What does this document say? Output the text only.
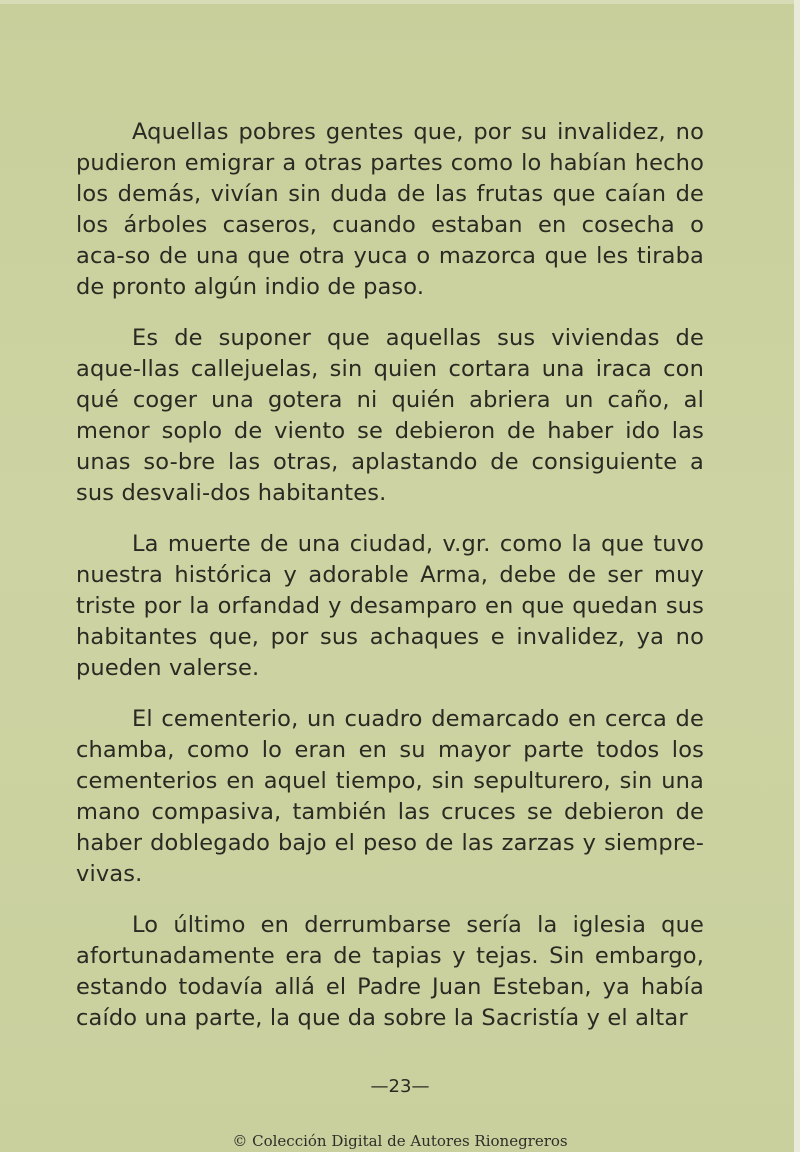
Aquellas pobres gentes que, por su invalidez, no pudieron emigrar a otras partes como lo habían hecho los demás, vivían sin duda de las frutas que caían de los árboles caseros, cuando estaban en cosecha o aca-so de una que otra yuca o mazorca que les tiraba de pronto algún indio de paso.

Es de suponer que aquellas sus viviendas de aque-llas callejuelas, sin quien cortara una iraca con qué coger una gotera ni quién abriera un caño, al menor soplo de viento se debieron de haber ido las unas so-bre las otras, aplastando de consiguiente a sus desvali-dos habitantes.

La muerte de una ciudad, v.gr. como la que tuvo nuestra histórica y adorable Arma, debe de ser muy triste por la orfandad y desamparo en que quedan sus habitantes que, por sus achaques e invalidez, ya no pueden valerse.

El cementerio, un cuadro demarcado en cerca de chamba, como lo eran en su mayor parte todos los cementerios en aquel tiempo, sin sepulturero, sin una mano compasiva, también las cruces se debieron de haber doblegado bajo el peso de las zarzas y siempre-vivas.

Lo último en derrumbarse sería la iglesia que afortunadamente era de tapias y tejas. Sin embargo, estando todavía allá el Padre Juan Esteban, ya había caído una parte, la que da sobre la Sacristía y el altar

—23—
© Colección Digital de Autores Rionegreros
